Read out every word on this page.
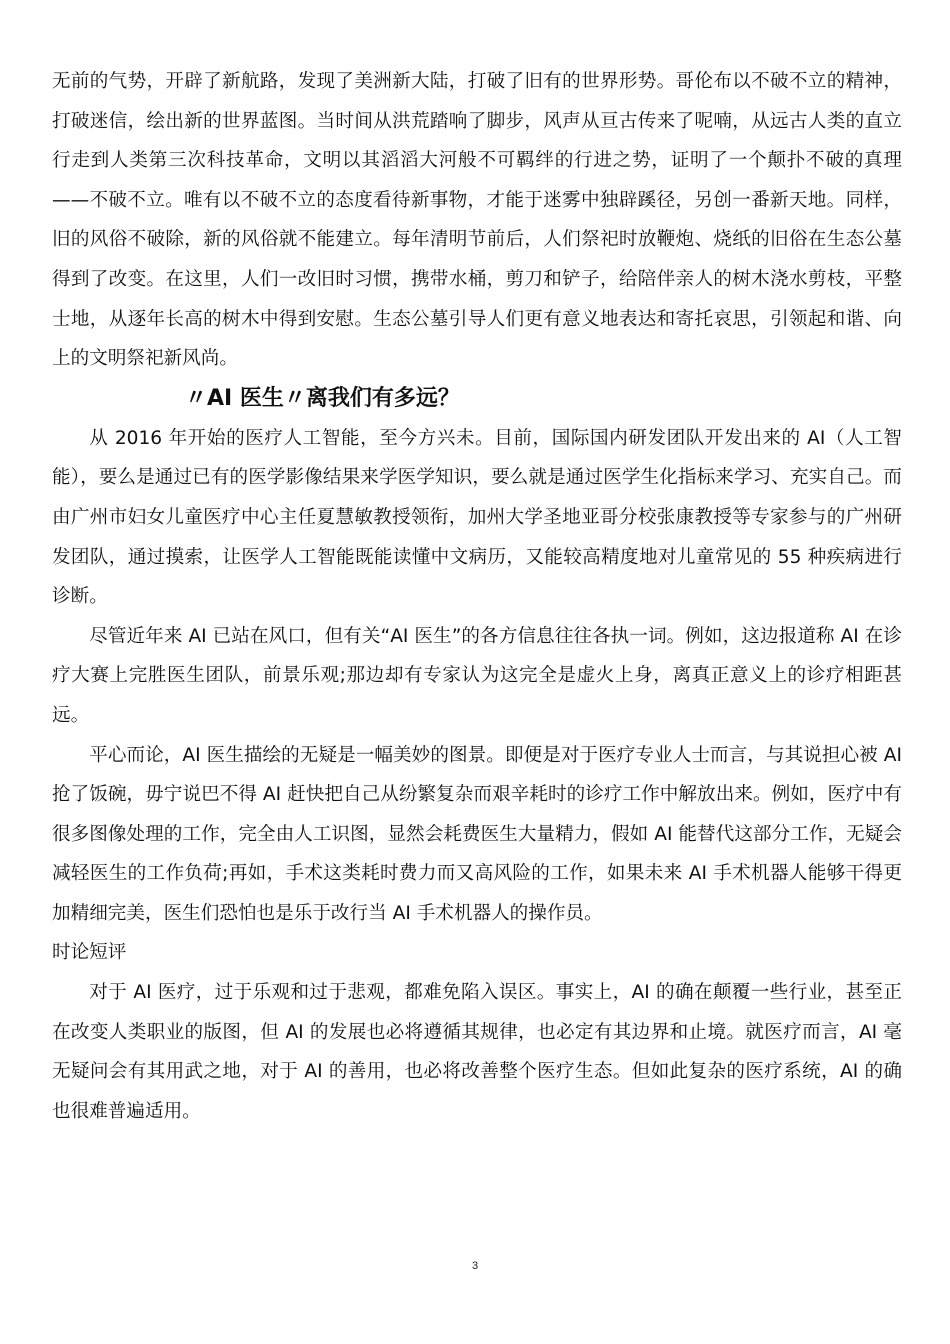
无前的气势，开辟了新航路，发现了美洲新大陆，打破了旧有的世界形势。哥伦布以不破不立的精神，打破迷信，绘出新的世界蓝图。当时间从洪荒踏响了脚步，风声从亘古传来了呢喃，从远古人类的直立行走到人类第三次科技革命，文明以其滔滔大河般不可羁绊的行进之势，证明了一个颠扑不破的真理——不破不立。唯有以不破不立的态度看待新事物，才能于迷雾中独辟蹊径，另创一番新天地。同样，旧的风俗不破除，新的风俗就不能建立。每年清明节前后，人们祭祀时放鞭炮、烧纸的旧俗在生态公墓得到了改变。在这里，人们一改旧时习惯，携带水桶，剪刀和铲子，给陪伴亲人的树木浇水剪枝，平整士地，从逐年长高的树木中得到安慰。生态公墓引导人们更有意义地表达和寄托哀思，引领起和谐、向上的文明祭祀新风尚。

〃AI 医生〃离我们有多远？

从 2016 年开始的医疗人工智能，至今方兴未。目前，国际国内研发团队开发出来的 AI（人工智能），要么是通过已有的医学影像结果来学医学知识，要么就是通过医学生化指标来学习、充实自己。而由广州市妇女儿童医疗中心主任夏慧敏教授领衔，加州大学圣地亚哥分校张康教授等专家参与的广州研发团队，通过摸索，让医学人工智能既能读懂中文病历，又能较高精度地对儿童常见的 55 种疾病进行诊断。

尽管近年来 AI 已站在风口，但有关“AI 医生”的各方信息往往各执一词。例如，这边报道称 AI 在诊疗大赛上完胜医生团队，前景乐观;那边却有专家认为这完全是虚火上身，离真正意义上的诊疗相距甚远。

平心而论，AI 医生描绘的无疑是一幅美妙的图景。即便是对于医疗专业人士而言，与其说担心被 AI 抢了饭碗，毋宁说巴不得 AI 赶快把自己从纷繁复杂而艰辛耗时的诊疗工作中解放出来。例如，医疗中有很多图像处理的工作，完全由人工识图，显然会耗费医生大量精力，假如 AI 能替代这部分工作，无疑会减轻医生的工作负荷;再如，手术这类耗时费力而又高风险的工作，如果未来 AI 手术机器人能够干得更加精细完美，医生们恐怕也是乐于改行当 AI 手术机器人的操作员。

时论短评

对于 AI 医疗，过于乐观和过于悲观，都难免陷入误区。事实上，AI 的确在颠覆一些行业，甚至正在改变人类职业的版图，但 AI 的发展也必将遵循其规律，也必定有其边界和止境。就医疗而言，AI 毫无疑问会有其用武之地，对于 AI 的善用，也必将改善整个医疗生态。但如此复杂的医疗系统，AI 的确也很难普遍适用。

3
